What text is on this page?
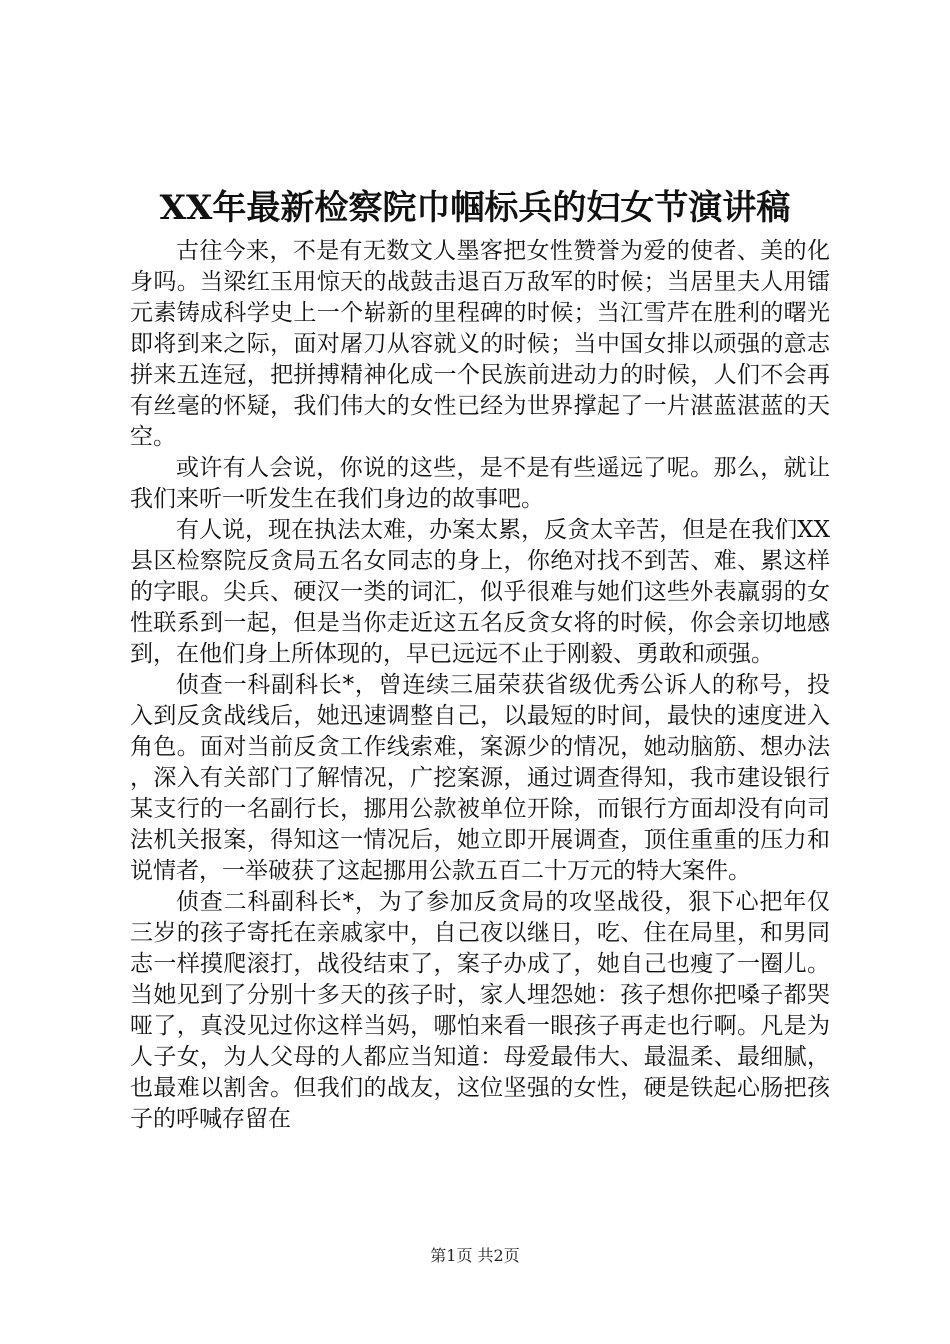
XX年最新检察院巾帼标兵的妇女节演讲稿

古往今来，不是有无数文人墨客把女性赞誉为爱的使者、美的化身吗。当梁红玉用惊天的战鼓击退百万敌军的时候；当居里夫人用镭元素铸成科学史上一个崭新的里程碑的时候；当江雪芹在胜利的曙光即将到来之际，面对屠刀从容就义的时候；当中国女排以顽强的意志拼来五连冠，把拼搏精神化成一个民族前进动力的时候，人们不会再有丝毫的怀疑，我们伟大的女性已经为世界撑起了一片湛蓝湛蓝的天空。

或许有人会说，你说的这些，是不是有些遥远了呢。那么，就让我们来听一听发生在我们身边的故事吧。

有人说，现在执法太难，办案太累，反贪太辛苦，但是在我们XX县区检察院反贪局五名女同志的身上，你绝对找不到苦、难、累这样的字眼。尖兵、硬汉一类的词汇，似乎很难与她们这些外表羸弱的女性联系到一起，但是当你走近这五名反贪女将的时候，你会亲切地感到，在他们身上所体现的，早已远远不止于刚毅、勇敢和顽强。

侦查一科副科长*，曾连续三届荣获省级优秀公诉人的称号，投入到反贪战线后，她迅速调整自己，以最短的时间，最快的速度进入角色。面对当前反贪工作线索难，案源少的情况，她动脑筋、想办法，深入有关部门了解情况，广挖案源，通过调查得知，我市建设银行某支行的一名副行长，挪用公款被单位开除，而银行方面却没有向司法机关报案，得知这一情况后，她立即开展调查，顶住重重的压力和说情者，一举破获了这起挪用公款五百二十万元的特大案件。

侦查二科副科长*，为了参加反贪局的攻坚战役，狠下心把年仅三岁的孩子寄托在亲戚家中，自己夜以继日，吃、住在局里，和男同志一样摸爬滚打，战役结束了，案子办成了，她自己也瘦了一圈儿。当她见到了分别十多天的孩子时，家人埋怨她：孩子想你把嗓子都哭哑了，真没见过你这样当妈，哪怕来看一眼孩子再走也行啊。凡是为人子女，为人父母的人都应当知道：母爱最伟大、最温柔、最细腻，也最难以割舍。但我们的战友，这位坚强的女性，硬是铁起心肠把孩子的呼喊存留在

第1页 共2页
